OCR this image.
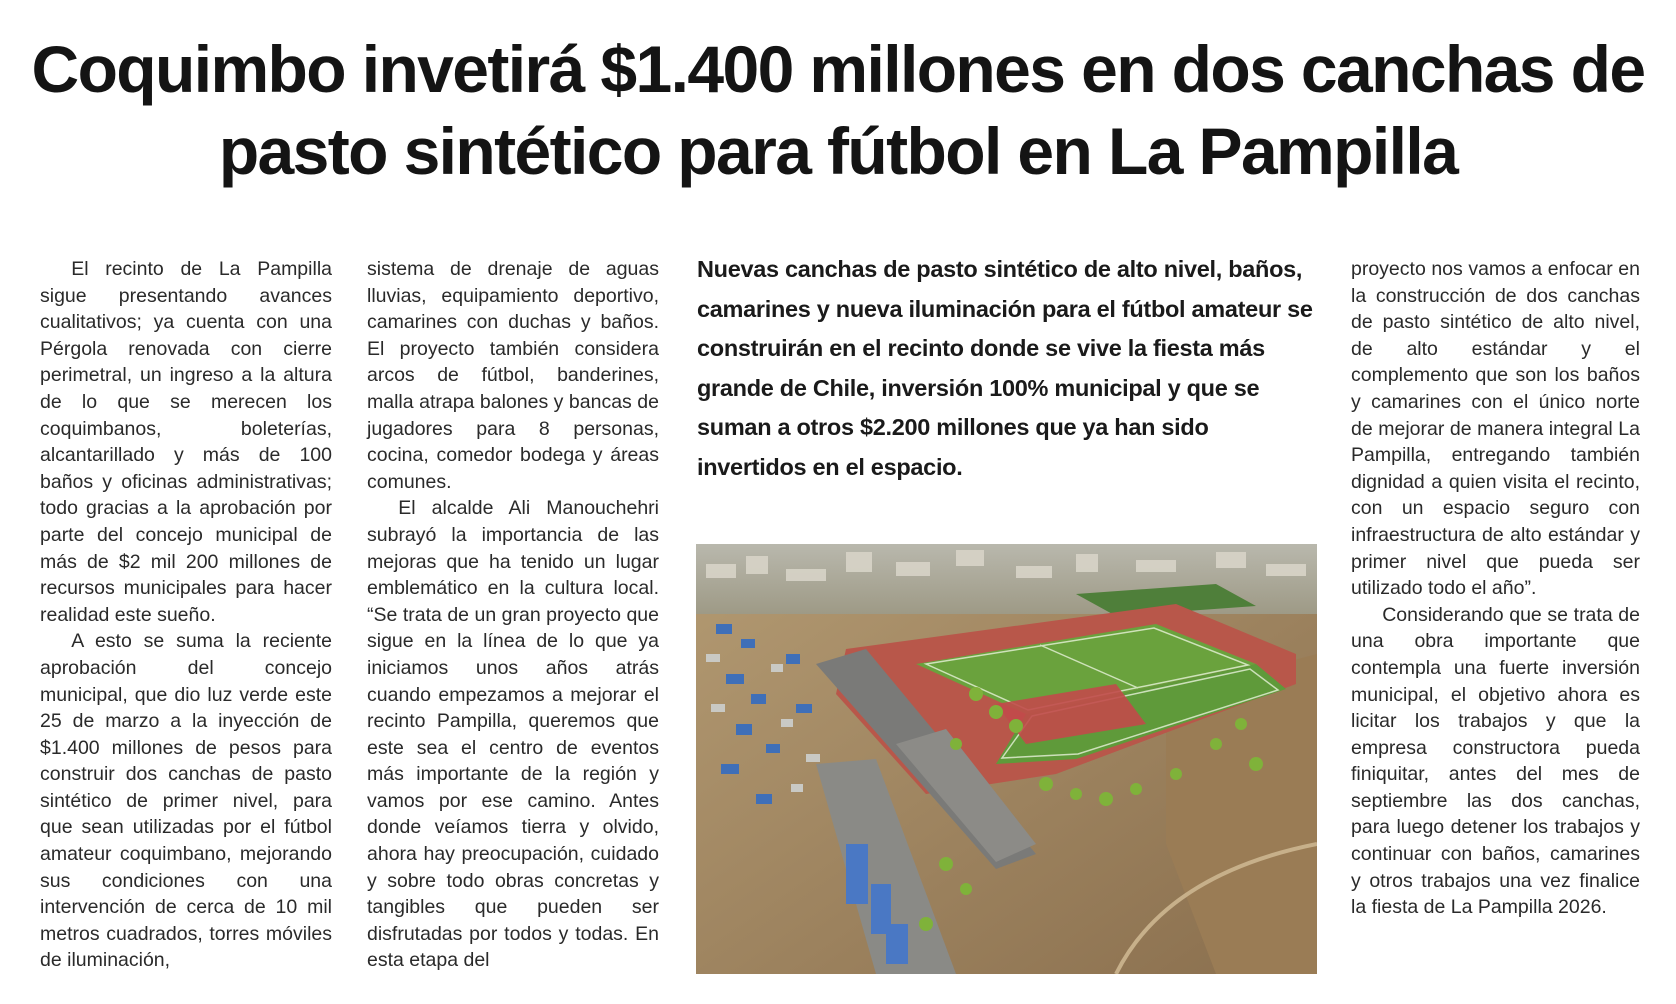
Coquimbo invetirá $1.400 millones en dos canchas de pasto sintético para fútbol en La Pampilla

El recinto de La Pampilla sigue presentando avances cualitativos; ya cuenta con una Pérgola renovada con cierre perimetral, un ingreso a la altura de lo que se merecen los coquimbanos, boleterías, alcantarillado y más de 100 baños y oficinas administrativas; todo gracias a la aprobación por parte del concejo municipal de más de $2 mil 200 millones de recursos municipales para hacer realidad este sueño.

A esto se suma la reciente aprobación del concejo municipal, que dio luz verde este 25 de marzo a la inyección de $1.400 millones de pesos para construir dos canchas de pasto sintético de primer nivel, para que sean utilizadas por el fútbol amateur coquimbano, mejorando sus condiciones con una intervención de cerca de 10 mil metros cuadrados, torres móviles de iluminación,

sistema de drenaje de aguas lluvias, equipamiento deportivo, camarines con duchas y baños. El proyecto también considera arcos de fútbol, banderines, malla atrapa balones y bancas de jugadores para 8 personas, cocina, comedor bodega y áreas comunes.

El alcalde Ali Manouchehri subrayó la importancia de las mejoras que ha tenido un lugar emblemático en la cultura local. “Se trata de un gran proyecto que sigue en la línea de lo que ya iniciamos unos años atrás cuando empezamos a mejorar el recinto Pampilla, queremos que este sea el centro de eventos más importante de la región y vamos por ese camino. Antes donde veíamos tierra y olvido, ahora hay preocupación, cuidado y sobre todo obras concretas y tangibles que pueden ser disfrutadas por todos y todas. En esta etapa del

Nuevas canchas de pasto sintético de alto nivel, baños, camarines y nueva iluminación para el fútbol amateur se construirán en el recinto donde se vive la fiesta más grande de Chile, inversión 100% municipal y que se suman a otros $2.200 millones que ya han sido invertidos en el espacio.

proyecto nos vamos a enfocar en la construcción de dos canchas de pasto sintético de alto nivel, de alto estándar y el complemento que son los baños y camarines con el único norte de mejorar de manera integral La Pampilla, entregando también dignidad a quien visita el recinto, con un espacio seguro con infraestructura de alto estándar y primer nivel que pueda ser utilizado todo el año”.

Considerando que se trata de una obra importante que contempla una fuerte inversión municipal, el objetivo ahora es licitar los trabajos y que la empresa constructora pueda finiquitar, antes del mes de septiembre las dos canchas, para luego detener los trabajos y continuar con baños, camarines y otros trabajos una vez finalice la fiesta de La Pampilla 2026.
